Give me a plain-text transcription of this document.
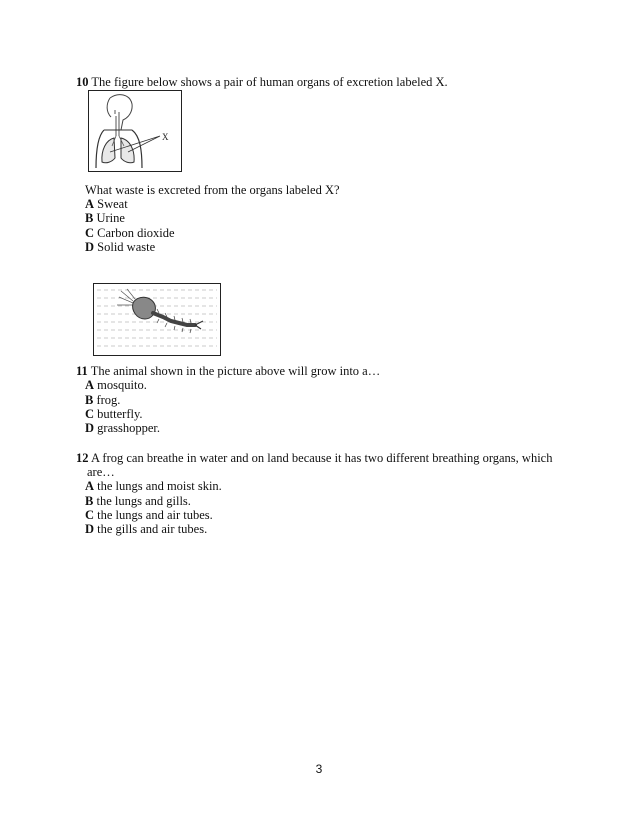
10 The figure below shows a pair of human organs of excretion labeled X.
X
What waste is excreted from the organs labeled X?
A Sweat
B Urine
C Carbon dioxide
D Solid waste
11 The animal shown in the picture above will grow into a…
A mosquito.
B frog.
C butterfly.
D grasshopper.
12 A frog can breathe in water and on land because it has two different breathing organs, which
are…
A the lungs and moist skin.
B the lungs and gills.
C the lungs and air tubes.
D the gills and air tubes.
3
